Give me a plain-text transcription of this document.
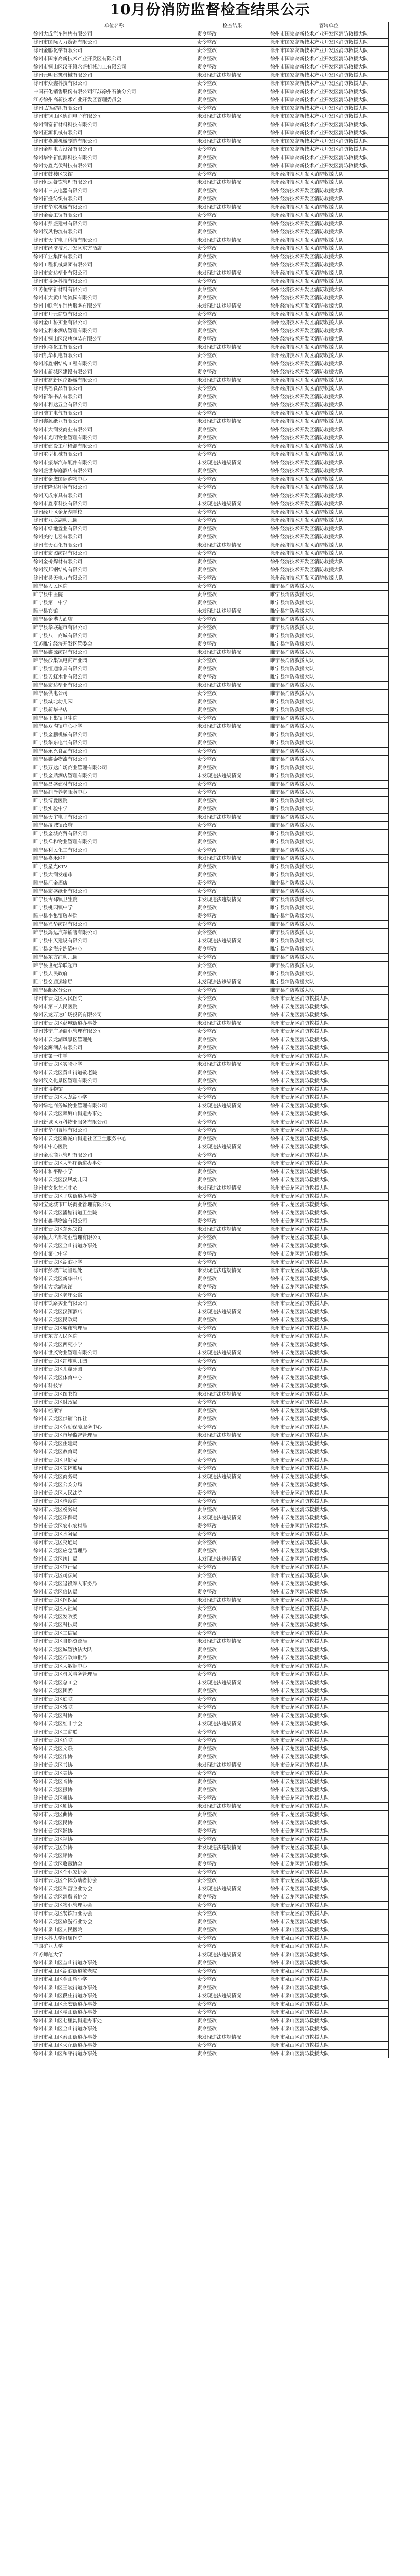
10月份消防监督检查结果公示
单位名称	检查结果	管辖单位
徐州大成汽车销售有限公司	责令整改	徐州市国家高新技术产业开发区消防救援大队
徐州市国际人力资源有限公司	责令整改	徐州市国家高新技术产业开发区消防救援大队
徐州金鹏化学有限公司	责令整改	徐州市国家高新技术产业开发区消防救援大队
徐州市国家高新技术产业开发区有限公司	责令整改	徐州市国家高新技术产业开发区消防救援大队
徐州市铜山区汉王镇永盛机械加工有限公司	责令整改	徐州市国家高新技术产业开发区消防救援大队
徐州元明建筑机械有限公司	未发现违法违规情况	徐州市国家高新技术产业开发区消防救援大队
徐州市众鑫科技有限公司	责令整改	徐州市国家高新技术产业开发区消防救援大队
中国石化销售股份有限公司江苏徐州石油分公司	责令整改	徐州市国家高新技术产业开发区消防救援大队
江苏徐州高新技术产业开发区管理委员会	责令整改	徐州市国家高新技术产业开发区消防救援大队
徐州弘锦纺织有限公司	责令整改	徐州市国家高新技术产业开发区消防救援大队
徐州市铜山区德润电子有限公司	未发现违法违规情况	徐州市国家高新技术产业开发区消防救援大队
徐州润富新材料科技有限公司	责令整改	徐州市国家高新技术产业开发区消防救援大队
徐州正源机械有限公司	责令整改	徐州市国家高新技术产业开发区消防救援大队
徐州市嘉腾机械制造有限公司	未发现违法违规情况	徐州市国家高新技术产业开发区消防救援大队
徐州金鼎电力设备有限公司	责令整改	徐州市国家高新技术产业开发区消防救援大队
徐州华宇新能源科技有限公司	责令整改	徐州市国家高新技术产业开发区消防救援大队
徐州协鑫光伏科技有限公司	责令整改	徐州市国家高新技术产业开发区消防救援大队
徐州市鼓楼区宾馆	责令整改	徐州经济技术开发区消防救援大队
徐州恒达餐饮管理有限公司	未发现违法违规情况	徐州经济技术开发区消防救援大队
徐州市三友电器有限公司	责令整改	徐州经济技术开发区消防救援大队
徐州新盛纺织有限公司	责令整改	徐州经济技术开发区消防救援大队
徐州市华东机械有限公司	未发现违法违规情况	徐州经济技术开发区消防救援大队
徐州金泰工贸有限公司	责令整改	徐州经济技术开发区消防救援大队
徐州市鼎盛建材有限公司	责令整改	徐州经济技术开发区消防救援大队
徐州汉风物流有限公司	责令整改	徐州经济技术开发区消防救援大队
徐州市天宇电子科技有限公司	未发现违法违规情况	徐州经济技术开发区消防救援大队
徐州市经济技术开发区东方酒店	责令整改	徐州经济技术开发区消防救援大队
徐州矿业集团有限公司	责令整改	徐州经济技术开发区消防救援大队
徐州工程机械集团有限公司	责令整改	徐州经济技术开发区消防救援大队
徐州市宏达塑业有限公司	未发现违法违规情况	徐州经济技术开发区消防救援大队
徐州市博远科技有限公司	责令整改	徐州经济技术开发区消防救援大队
江苏恒宇新材料有限公司	责令整改	徐州经济技术开发区消防救援大队
徐州市大黄山物流园有限公司	责令整改	徐州经济技术开发区消防救援大队
徐州中联汽车销售服务有限公司	未发现违法违规情况	徐州经济技术开发区消防救援大队
徐州市开元商贸有限公司	责令整改	徐州经济技术开发区消防救援大队
徐州金山桥实业有限公司	责令整改	徐州经济技术开发区消防救援大队
徐州宝利来酒店管理有限公司	责令整改	徐州经济技术开发区消防救援大队
徐州市铜山区汉唐包装有限公司	责令整改	徐州经济技术开发区消防救援大队
徐州恒盛化工有限公司	未发现违法违规情况	徐州经济技术开发区消防救援大队
徐州凯华机电有限公司	责令整改	徐州经济技术开发区消防救援大队
徐州苏鑫钢结构工程有限公司	责令整改	徐州经济技术开发区消防救援大队
徐州市新城区建设有限公司	责令整改	徐州经济技术开发区消防救援大队
徐州市高新医疗器械有限公司	未发现违法违规情况	徐州经济技术开发区消防救援大队
徐州洪福食品有限公司	责令整改	徐州经济技术开发区消防救援大队
徐州新华书店有限公司	责令整改	徐州经济技术开发区消防救援大队
徐州市利达五金有限公司	责令整改	徐州经济技术开发区消防救援大队
徐州浩宇电气有限公司	责令整改	徐州经济技术开发区消防救援大队
徐州鑫源纸业有限公司	未发现违法违规情况	徐州经济技术开发区消防救援大队
徐州市大润发商业有限公司	责令整改	徐州经济技术开发区消防救援大队
徐州市光明物业管理有限公司	责令整改	徐州经济技术开发区消防救援大队
徐州市建设工程检测有限公司	责令整改	徐州经济技术开发区消防救援大队
徐州重型机械有限公司	责令整改	徐州经济技术开发区消防救援大队
徐州市振华汽车配件有限公司	未发现违法违规情况	徐州经济技术开发区消防救援大队
徐州盛世华庭酒店有限公司	责令整改	徐州经济技术开发区消防救援大队
徐州市金鹰国际购物中心	责令整改	徐州经济技术开发区消防救援大队
徐州市隆达印务有限公司	责令整改	徐州经济技术开发区消防救援大队
徐州天成家具有限公司	责令整改	徐州经济技术开发区消防救援大队
徐州市鑫泰科技有限公司	未发现违法违规情况	徐州经济技术开发区消防救援大队
徐州经开区金龙湖学校	责令整改	徐州经济技术开发区消防救援大队
徐州市九龙湖幼儿园	责令整改	徐州经济技术开发区消防救援大队
徐州市绿地置业有限公司	责令整改	徐州经济技术开发区消防救援大队
徐州美的电器有限公司	责令整改	徐州经济技术开发区消防救援大队
徐州海天石化有限公司	未发现违法违规情况	徐州经济技术开发区消防救援大队
徐州市宏图纺织有限公司	责令整改	徐州经济技术开发区消防救援大队
徐州金桥焊材有限公司	责令整改	徐州经济技术开发区消防救援大队
徐州汉邦钢结构有限公司	责令整改	徐州经济技术开发区消防救援大队
徐州市昊天电力有限公司	责令整改	徐州经济技术开发区消防救援大队
睢宁县人民医院	责令整改	睢宁县消防救援大队
睢宁县中医院	责令整改	睢宁县消防救援大队
睢宁县第一中学	责令整改	睢宁县消防救援大队
睢宁县宾馆	未发现违法违规情况	睢宁县消防救援大队
睢宁县金港大酒店	责令整改	睢宁县消防救援大队
睢宁县华联超市有限公司	责令整改	睢宁县消防救援大队
睢宁县八一商城有限公司	责令整改	睢宁县消防救援大队
江苏睢宁经济开发区管委会	责令整改	睢宁县消防救援大队
睢宁县鑫源纺织有限公司	未发现违法违规情况	睢宁县消防救援大队
睢宁县沙集镇电商产业园	责令整改	睢宁县消防救援大队
睢宁县恒通家具有限公司	责令整改	睢宁县消防救援大队
睢宁县天虹木业有限公司	责令整改	睢宁县消防救援大队
睢宁县宏达塑业有限公司	未发现违法违规情况	睢宁县消防救援大队
睢宁县供电公司	责令整改	睢宁县消防救援大队
睢宁县城北幼儿园	责令整改	睢宁县消防救援大队
睢宁县新华书店	责令整改	睢宁县消防救援大队
睢宁县王集镇卫生院	责令整改	睢宁县消防救援大队
睢宁县双沟镇中心小学	未发现违法违规情况	睢宁县消防救援大队
睢宁县金鹏机械有限公司	责令整改	睢宁县消防救援大队
睢宁县华东电气有限公司	责令整改	睢宁县消防救援大队
睢宁县永兴食品有限公司	责令整改	睢宁县消防救援大队
睢宁县鑫泰物流有限公司	责令整改	睢宁县消防救援大队
睢宁县万达广场商业管理有限公司	责令整改	睢宁县消防救援大队
睢宁县金鼎酒店管理有限公司	未发现违法违规情况	睢宁县消防救援大队
睢宁县昌盛建材有限公司	责令整改	睢宁县消防救援大队
睢宁县润泽养老服务中心	责令整改	睢宁县消防救援大队
睢宁县博爱医院	责令整改	睢宁县消防救援大队
睢宁县实验中学	责令整改	睢宁县消防救援大队
睢宁县天宇电子有限公司	未发现违法违规情况	睢宁县消防救援大队
睢宁县凌城镇政府	责令整改	睢宁县消防救援大队
睢宁县金城商贸有限公司	责令整改	睢宁县消防救援大队
睢宁县祥和物业管理有限公司	责令整改	睢宁县消防救援大队
睢宁县利民化工有限公司	责令整改	睢宁县消防救援大队
睢宁县嘉禾网吧	未发现违法违规情况	睢宁县消防救援大队
睢宁县星光KTV	责令整改	睢宁县消防救援大队
睢宁县大润发超市	责令整改	睢宁县消防救援大队
睢宁县汇金酒店	责令整改	睢宁县消防救援大队
睢宁县宏盛纸业有限公司	责令整改	睢宁县消防救援大队
睢宁县古邳镇卫生院	未发现违法违规情况	睢宁县消防救援大队
睢宁县桃园镇中学	责令整改	睢宁县消防救援大队
睢宁县李集镇敬老院	责令整改	睢宁县消防救援大队
睢宁县兴华纺织有限公司	责令整改	睢宁县消防救援大队
睢宁县鸿运汽车销售有限公司	责令整改	睢宁县消防救援大队
睢宁县中天建设有限公司	未发现违法违规情况	睢宁县消防救援大队
睢宁县金海岸洗浴中心	责令整改	睢宁县消防救援大队
睢宁县东方红幼儿园	责令整改	睢宁县消防救援大队
睢宁县世纪华联超市	责令整改	睢宁县消防救援大队
睢宁县人民政府	责令整改	睢宁县消防救援大队
睢宁县交通运输局	未发现违法违规情况	睢宁县消防救援大队
睢宁县邮政分公司	责令整改	睢宁县消防救援大队
徐州市云龙区人民医院	责令整改	徐州市云龙区消防救援大队
徐州市第三人民医院	责令整改	徐州市云龙区消防救援大队
徐州云龙万达广场投资有限公司	责令整改	徐州市云龙区消防救援大队
徐州市云龙区彭城街道办事处	未发现违法违规情况	徐州市云龙区消防救援大队
徐州苏宁广场商业管理有限公司	责令整改	徐州市云龙区消防救援大队
徐州市云龙湖风景区管理处	责令整改	徐州市云龙区消防救援大队
徐州金鹰酒店有限公司	责令整改	徐州市云龙区消防救援大队
徐州市第一中学	责令整改	徐州市云龙区消防救援大队
徐州市云龙区实验小学	未发现违法违规情况	徐州市云龙区消防救援大队
徐州市云龙区黄山街道敬老院	责令整改	徐州市云龙区消防救援大队
徐州汉文化景区管理有限公司	责令整改	徐州市云龙区消防救援大队
徐州市博物馆	责令整改	徐州市云龙区消防救援大队
徐州市云龙区大龙湖小学	责令整改	徐州市云龙区消防救援大队
徐州绿地商务城物业管理有限公司	未发现违法违规情况	徐州市云龙区消防救援大队
徐州市云龙区翠屏山街道办事处	责令整改	徐州市云龙区消防救援大队
徐州新城区万科物业服务有限公司	责令整改	徐州市云龙区消防救援大队
徐州市华润置地有限公司	责令整改	徐州市云龙区消防救援大队
徐州市云龙区骆驼山街道社区卫生服务中心	责令整改	徐州市云龙区消防救援大队
徐州市中心医院	未发现违法违规情况	徐州市云龙区消防救援大队
徐州金地商业管理有限公司	责令整改	徐州市云龙区消防救援大队
徐州市云龙区大郭庄街道办事处	责令整改	徐州市云龙区消防救援大队
徐州市和平路小学	责令整改	徐州市云龙区消防救援大队
徐州市云龙区汉风幼儿园	责令整改	徐州市云龙区消防救援大队
徐州市文化艺术中心	未发现违法违规情况	徐州市云龙区消防救援大队
徐州市云龙区子房街道办事处	责令整改	徐州市云龙区消防救援大队
徐州宝龙城市广场商业管理有限公司	责令整改	徐州市云龙区消防救援大队
徐州市云龙区潘塘街道卫生院	责令整改	徐州市云龙区消防救援大队
徐州市鑫鼎物流有限公司	责令整改	徐州市云龙区消防救援大队
徐州市云龙区东苑宾馆	未发现违法违规情况	徐州市云龙区消防救援大队
徐州恒大名都物业管理有限公司	责令整改	徐州市云龙区消防救援大队
徐州市云龙区金山街道办事处	责令整改	徐州市云龙区消防救援大队
徐州市第七中学	责令整改	徐州市云龙区消防救援大队
徐州市云龙区湖滨小学	责令整改	徐州市云龙区消防救援大队
徐州市彭城广场管理处	未发现违法违规情况	徐州市云龙区消防救援大队
徐州市云龙区新华书店	责令整改	徐州市云龙区消防救援大队
徐州市大龙湖宾馆	责令整改	徐州市云龙区消防救援大队
徐州市云龙区老年公寓	责令整改	徐州市云龙区消防救援大队
徐州市铁路实业有限公司	责令整改	徐州市云龙区消防救援大队
徐州市云龙区汉源酒店	未发现违法违规情况	徐州市云龙区消防救援大队
徐州市云龙区民政局	责令整改	徐州市云龙区消防救援大队
徐州市云龙区城市管理局	责令整改	徐州市云龙区消防救援大队
徐州市东方人民医院	责令整改	徐州市云龙区消防救援大队
徐州市云龙区西苑小学	责令整改	徐州市云龙区消防救援大队
徐州市世茂物业管理有限公司	未发现违法违规情况	徐州市云龙区消防救援大队
徐州市云龙区红旗幼儿园	责令整改	徐州市云龙区消防救援大队
徐州市云龙区儿童乐园	责令整改	徐州市云龙区消防救援大队
徐州市云龙区体育中心	责令整改	徐州市云龙区消防救援大队
徐州市科技馆	责令整改	徐州市云龙区消防救援大队
徐州市云龙区图书馆	未发现违法违规情况	徐州市云龙区消防救援大队
徐州市云龙区财政局	责令整改	徐州市云龙区消防救援大队
徐州市档案馆	责令整改	徐州市云龙区消防救援大队
徐州市云龙区供销合作社	责令整改	徐州市云龙区消防救援大队
徐州市云龙区劳动保障服务中心	责令整改	徐州市云龙区消防救援大队
徐州市云龙区市场监督管理局	未发现违法违规情况	徐州市云龙区消防救援大队
徐州市云龙区住建局	责令整改	徐州市云龙区消防救援大队
徐州市云龙区教育局	责令整改	徐州市云龙区消防救援大队
徐州市云龙区卫健委	责令整改	徐州市云龙区消防救援大队
徐州市云龙区文体旅局	责令整改	徐州市云龙区消防救援大队
徐州市云龙区商务局	未发现违法违规情况	徐州市云龙区消防救援大队
徐州市云龙区公安分局	责令整改	徐州市云龙区消防救援大队
徐州市云龙区人民法院	责令整改	徐州市云龙区消防救援大队
徐州市云龙区检察院	责令整改	徐州市云龙区消防救援大队
徐州市云龙区税务局	责令整改	徐州市云龙区消防救援大队
徐州市云龙区环保局	未发现违法违规情况	徐州市云龙区消防救援大队
徐州市云龙区农业农村局	责令整改	徐州市云龙区消防救援大队
徐州市云龙区水务局	责令整改	徐州市云龙区消防救援大队
徐州市云龙区交通局	责令整改	徐州市云龙区消防救援大队
徐州市云龙区应急管理局	责令整改	徐州市云龙区消防救援大队
徐州市云龙区统计局	未发现违法违规情况	徐州市云龙区消防救援大队
徐州市云龙区审计局	责令整改	徐州市云龙区消防救援大队
徐州市云龙区司法局	责令整改	徐州市云龙区消防救援大队
徐州市云龙区退役军人事务局	责令整改	徐州市云龙区消防救援大队
徐州市云龙区信访局	责令整改	徐州市云龙区消防救援大队
徐州市云龙区医保局	未发现违法违规情况	徐州市云龙区消防救援大队
徐州市云龙区人社局	责令整改	徐州市云龙区消防救援大队
徐州市云龙区发改委	责令整改	徐州市云龙区消防救援大队
徐州市云龙区科技局	责令整改	徐州市云龙区消防救援大队
徐州市云龙区工信局	责令整改	徐州市云龙区消防救援大队
徐州市云龙区自然资源局	未发现违法违规情况	徐州市云龙区消防救援大队
徐州市云龙区城管执法大队	责令整改	徐州市云龙区消防救援大队
徐州市云龙区行政审批局	责令整改	徐州市云龙区消防救援大队
徐州市云龙区大数据中心	责令整改	徐州市云龙区消防救援大队
徐州市云龙区机关事务管理局	责令整改	徐州市云龙区消防救援大队
徐州市云龙区总工会	未发现违法违规情况	徐州市云龙区消防救援大队
徐州市云龙区团委	责令整改	徐州市云龙区消防救援大队
徐州市云龙区妇联	责令整改	徐州市云龙区消防救援大队
徐州市云龙区残联	责令整改	徐州市云龙区消防救援大队
徐州市云龙区科协	责令整改	徐州市云龙区消防救援大队
徐州市云龙区红十字会	未发现违法违规情况	徐州市云龙区消防救援大队
徐州市云龙区工商联	责令整改	徐州市云龙区消防救援大队
徐州市云龙区侨联	责令整改	徐州市云龙区消防救援大队
徐州市云龙区文联	责令整改	徐州市云龙区消防救援大队
徐州市云龙区作协	责令整改	徐州市云龙区消防救援大队
徐州市云龙区书协	未发现违法违规情况	徐州市云龙区消防救援大队
徐州市云龙区美协	责令整改	徐州市云龙区消防救援大队
徐州市云龙区音协	责令整改	徐州市云龙区消防救援大队
徐州市云龙区摄协	责令整改	徐州市云龙区消防救援大队
徐州市云龙区舞协	责令整改	徐州市云龙区消防救援大队
徐州市云龙区剧协	未发现违法违规情况	徐州市云龙区消防救援大队
徐州市云龙区曲协	责令整改	徐州市云龙区消防救援大队
徐州市云龙区民协	责令整改	徐州市云龙区消防救援大队
徐州市云龙区影协	责令整改	徐州市云龙区消防救援大队
徐州市云龙区视协	责令整改	徐州市云龙区消防救援大队
徐州市云龙区杂协	未发现违法违规情况	徐州市云龙区消防救援大队
徐州市云龙区评协	责令整改	徐州市云龙区消防救援大队
徐州市云龙区收藏协会	责令整改	徐州市云龙区消防救援大队
徐州市云龙区企业家协会	责令整改	徐州市云龙区消防救援大队
徐州市云龙区个体劳动者协会	责令整改	徐州市云龙区消防救援大队
徐州市云龙区私营企业协会	未发现违法违规情况	徐州市云龙区消防救援大队
徐州市云龙区消费者协会	责令整改	徐州市云龙区消防救援大队
徐州市云龙区物业管理协会	责令整改	徐州市云龙区消防救援大队
徐州市云龙区餐饮行业协会	责令整改	徐州市云龙区消防救援大队
徐州市云龙区旅游行业协会	责令整改	徐州市云龙区消防救援大队
徐州市泉山区人民医院	责令整改	徐州市泉山区消防救援大队
徐州医科大学附属医院	责令整改	徐州市泉山区消防救援大队
中国矿业大学	责令整改	徐州市泉山区消防救援大队
江苏师范大学	未发现违法违规情况	徐州市泉山区消防救援大队
徐州市泉山区奎山街道办事处	责令整改	徐州市泉山区消防救援大队
徐州市泉山区湖滨街道敬老院	责令整改	徐州市泉山区消防救援大队
徐州市泉山区金山桥小学	责令整改	徐州市泉山区消防救援大队
徐州市泉山区王陵街道办事处	责令整改	徐州市泉山区消防救援大队
徐州市泉山区段庄街道办事处	未发现违法违规情况	徐州市泉山区消防救援大队
徐州市泉山区永安街道办事处	责令整改	徐州市泉山区消防救援大队
徐州市泉山区翟山街道办事处	责令整改	徐州市泉山区消防救援大队
徐州市泉山区七里沟街道办事处	责令整改	徐州市泉山区消防救援大队
徐州市泉山区金山街道办事处	责令整改	徐州市泉山区消防救援大队
徐州市泉山区泰山街道办事处	未发现违法违规情况	徐州市泉山区消防救援大队
徐州市泉山区火花街道办事处	责令整改	徐州市泉山区消防救援大队
徐州市泉山区和平街道办事处	责令整改	徐州市泉山区消防救援大队
